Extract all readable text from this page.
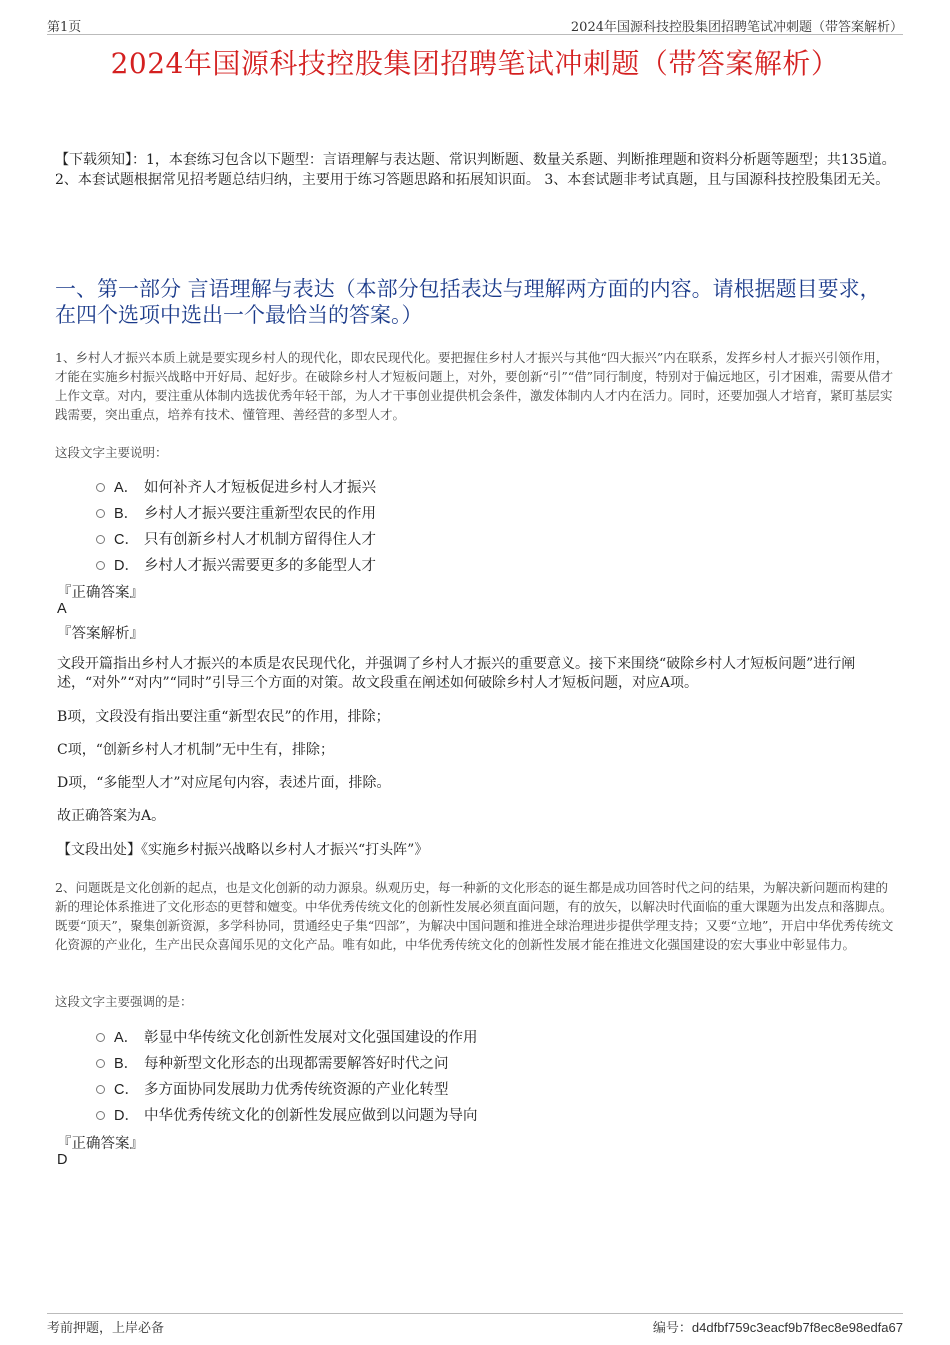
第1页	2024年国源科技控股集团招聘笔试冲刺题（带答案解析）
2024年国源科技控股集团招聘笔试冲刺题（带答案解析）
【下载须知】：1，本套练习包含以下题型：言语理解与表达题、常识判断题、数量关系题、判断推理题和资料分析题等题型；共135道。 2、本套试题根据常见招考题总结归纳，主要用于练习答题思路和拓展知识面。 3、本套试题非考试真题，且与国源科技控股集团无关。
一、第一部分 言语理解与表达（本部分包括表达与理解两方面的内容。请根据题目要求，在四个选项中选出一个最恰当的答案。）
1、乡村人才振兴本质上就是要实现乡村人的现代化，即农民现代化。要把握住乡村人才振兴与其他“四大振兴”内在联系，发挥乡村人才振兴引领作用，才能在实施乡村振兴战略中开好局、起好步。在破除乡村人才短板问题上，对外，要创新“引”“借”同行制度，特别对于偏远地区，引才困难，需要从借才上作文章。对内，要注重从体制内选拔优秀年轻干部，为人才干事创业提供机会条件，激发体制内人才内在活力。同时，还要加强人才培育，紧盯基层实践需要，突出重点，培养有技术、懂管理、善经营的多型人才。
这段文字主要说明：
A． 如何补齐人才短板促进乡村人才振兴
B． 乡村人才振兴要注重新型农民的作用
C． 只有创新乡村人才机制方留得住人才
D． 乡村人才振兴需要更多的多能型人才
『正确答案』
A
『答案解析』
文段开篇指出乡村人才振兴的本质是农民现代化，并强调了乡村人才振兴的重要意义。接下来围绕“破除乡村人才短板问题”进行阐述，“对外”“对内”“同时”引导三个方面的对策。故文段重在阐述如何破除乡村人才短板问题，对应A项。
B项，文段没有指出要注重“新型农民”的作用，排除；
C项，“创新乡村人才机制”无中生有，排除；
D项，“多能型人才”对应尾句内容，表述片面，排除。
故正确答案为A。
【文段出处】《实施乡村振兴战略以乡村人才振兴“打头阵”》
2、问题既是文化创新的起点，也是文化创新的动力源泉。纵观历史，每一种新的文化形态的诞生都是成功回答时代之问的结果，为解决新问题而构建的新的理论体系推进了文化形态的更替和嬗变。中华优秀传统文化的创新性发展必须直面问题，有的放矢，以解决时代面临的重大课题为出发点和落脚点。既要“顶天”，聚集创新资源，多学科协同，贯通经史子集“四部”，为解决中国问题和推进全球治理进步提供学理支持；又要“立地”，开启中华优秀传统文化资源的产业化，生产出民众喜闻乐见的文化产品。唯有如此，中华优秀传统文化的创新性发展才能在推进文化强国建设的宏大事业中彰显伟力。
这段文字主要强调的是：
A． 彰显中华传统文化创新性发展对文化强国建设的作用
B． 每种新型文化形态的出现都需要解答好时代之问
C． 多方面协同发展助力优秀传统资源的产业化转型
D． 中华优秀传统文化的创新性发展应做到以问题为导向
『正确答案』
D
考前押题，上岸必备	编号：d4dfbf759c3eacf9b7f8ec8e98edfa67
